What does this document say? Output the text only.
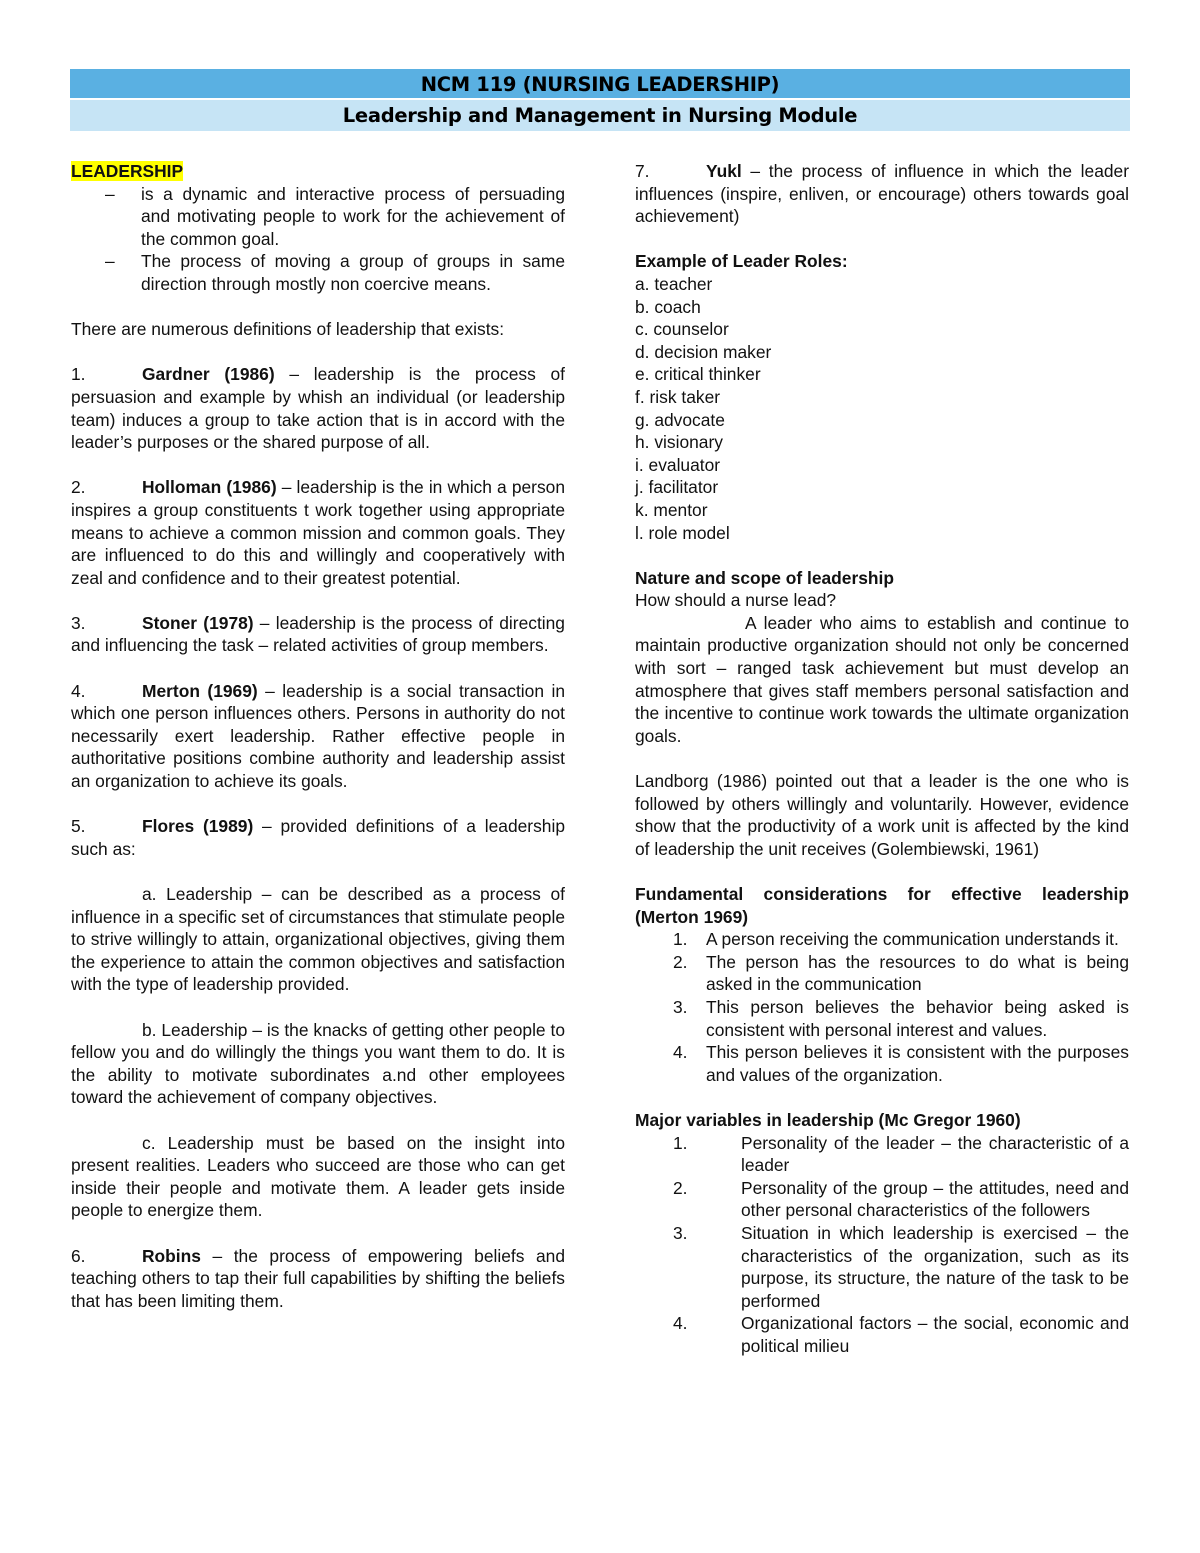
NCM 119 (NURSING LEADERSHIP)
Leadership and Management in Nursing Module

LEADERSHIP

–	is a dynamic and interactive process of persuading and motivating people to work for the achievement of the common goal.
–	The process of moving a group of groups in same direction through mostly non coercive means.

There are numerous definitions of leadership that exists:

1.	Gardner (1986) – leadership is the process of persuasion and example by whish an individual (or leadership team) induces a group to take action that is in accord with the leader’s purposes or the shared purpose of all.

2.	Holloman (1986) – leadership is the in which a person inspires a group constituents t work together using appropriate means to achieve a common mission and common goals. They are influenced to do this and willingly and cooperatively with zeal and confidence and to their greatest potential.

3.	Stoner (1978) – leadership is the process of directing and influencing the task – related activities of group members.

4.	Merton (1969) – leadership is a social transaction in which one person influences others. Persons in authority do not necessarily exert leadership. Rather effective people in authoritative positions combine authority and leadership assist an organization to achieve its goals.

5.	Flores (1989) – provided definitions of a leadership such as:

a. Leadership – can be described as a process of influence in a specific set of circumstances that stimulate people to strive willingly to attain, organizational objectives, giving them the experience to attain the common objectives and satisfaction with the type of leadership provided.

b. Leadership – is the knacks of getting other people to fellow you and do willingly the things you want them to do. It is the ability to motivate subordinates a.nd other employees toward the achievement of company objectives.

c. Leadership must be based on the insight into present realities. Leaders who succeed are those who can get inside their people and motivate them. A leader gets inside people to energize them.

6.	Robins – the process of empowering beliefs and teaching others to tap their full capabilities by shifting the beliefs that has been limiting them.

7.	Yukl – the process of influence in which the leader influences (inspire, enliven, or encourage) others towards goal achievement)

Example of Leader Roles:

a. teacher

b. coach

c. counselor

d. decision maker

e. critical thinker

f. risk taker

g. advocate

h. visionary

i. evaluator

j. facilitator

k. mentor

l. role model

Nature and scope of leadership

How should a nurse lead?

A leader who aims to establish and continue to maintain productive organization should not only be concerned with sort – ranged task achievement but must develop an atmosphere that gives staff members personal satisfaction and the incentive to continue work towards the ultimate organization goals.

Landborg (1986) pointed out that a leader is the one who is followed by others willingly and voluntarily. However, evidence show that the productivity of a work unit is affected by the kind of leadership the unit receives (Golembiewski, 1961)

Fundamental considerations for effective leadership (Merton 1969)

1.	A person receiving the communication understands it.
2.	The person has the resources to do what is being asked in the communication
3.	This person believes the behavior being asked is consistent with personal interest and values.
4.	This person believes it is consistent with the purposes and values of the organization.

Major variables in leadership (Mc Gregor 1960)

1.	Personality of the leader – the characteristic of a leader
2.	Personality of the group – the attitudes, need and other personal characteristics of the followers
3.	Situation in which leadership is exercised – the characteristics of the organization, such as its purpose, its structure, the nature of the task to be performed
4.	Organizational factors – the social, economic and political milieu
